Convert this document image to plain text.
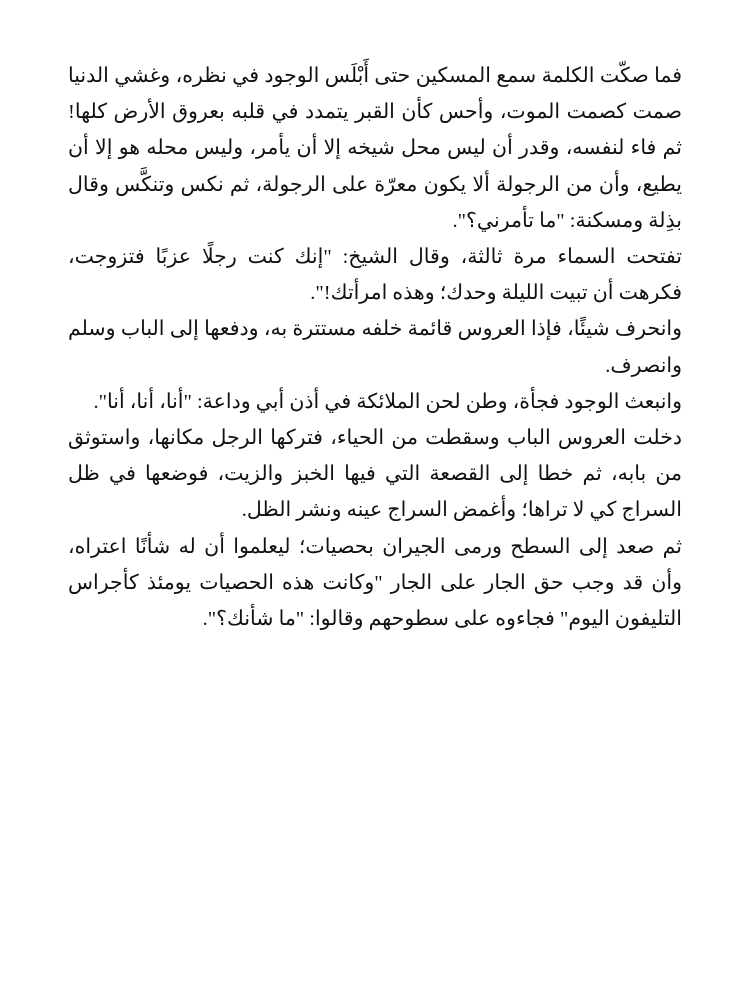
فما صكّت الكلمة سمع المسكين حتى أَبْلَس الوجود في نظره، وغشي الدنيا صمت كصمت الموت، وأحس كأن القبر يتمدد في قلبه بعروق الأرض كلها! ثم فاء لنفسه، وقدر أن ليس محل شيخه إلا أن يأمر، وليس محله هو إلا أن يطيع، وأن من الرجولة ألا يكون معرّة على الرجولة، ثم نكس وتنكَّس وقال بذِلة ومسكنة: "ما تأمرني؟".

تفتحت السماء مرة ثالثة، وقال الشيخ: "إنك كنت رجلًا عزبًا فتزوجت، فكرهت أن تبيت الليلة وحدك؛ وهذه امرأتك!".

وانحرف شيئًا، فإذا العروس قائمة خلفه مستترة به، ودفعها إلى الباب وسلم وانصرف.

وانبعث الوجود فجأة، وطن لحن الملائكة في أذن أبي وداعة: "أنا، أنا، أنا".

دخلت العروس الباب وسقطت من الحياء، فتركها الرجل مكانها، واستوثق من بابه، ثم خطا إلى القصعة التي فيها الخبز والزيت، فوضعها في ظل السراج كي لا تراها؛ وأغمض السراج عينه ونشر الظل.

ثم صعد إلى السطح ورمى الجيران بحصيات؛ ليعلموا أن له شأنًا اعتراه، وأن قد وجب حق الجار على الجار "وكانت هذه الحصيات يومئذ كأجراس التليفون اليوم" فجاءوه على سطوحهم وقالوا: "ما شأنك؟".
